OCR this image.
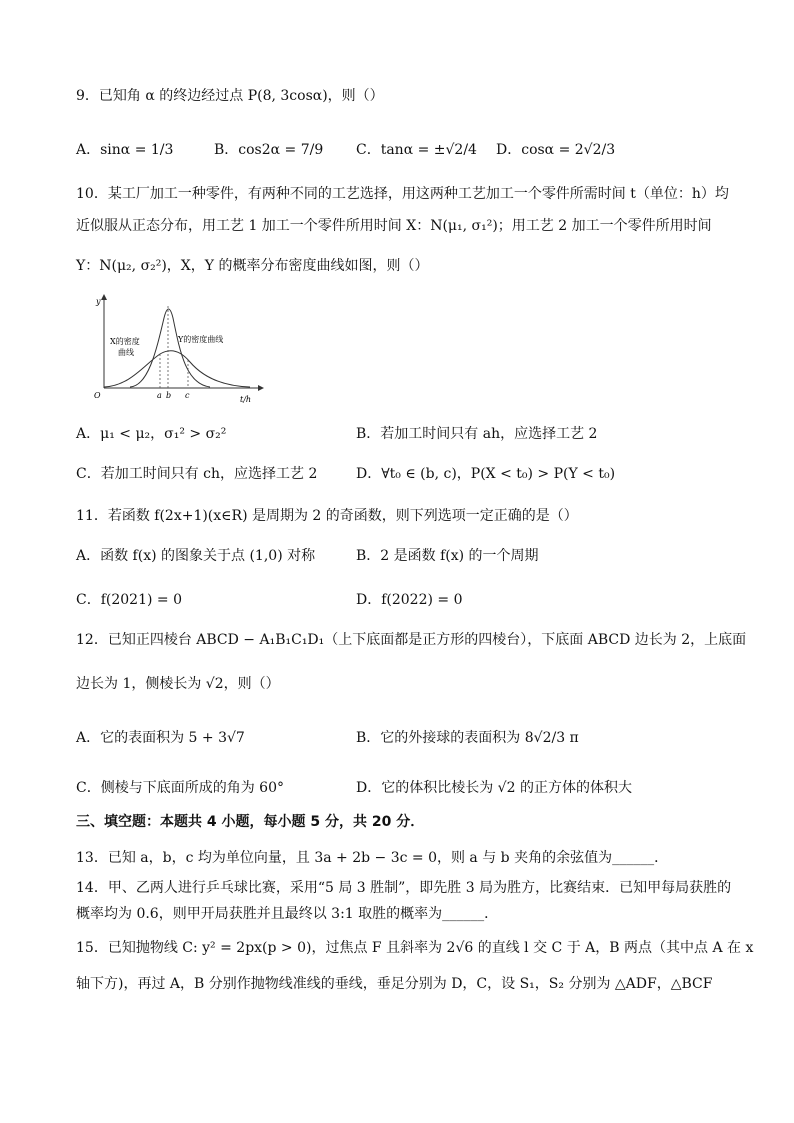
9．已知角 α 的终边经过点 P(8, 3cosα)，则（）
A．sinα = 1/3	B．cos2α = 7/9 C．tanα = ±√2/4 D．cosα = 2√2/3
10．某工厂加工一种零件，有两种不同的工艺选择，用这两种工艺加工一个零件所需时间 t（单位：h）均
近似服从正态分布，用工艺 1 加工一个零件所用时间 X：N(μ₁, σ₁²)；用工艺 2 加工一个零件所用时间
Y：N(μ₂, σ₂²)，X，Y 的概率分布密度曲线如图，则（）
y
t/h
O
X的密度
曲线
Y的密度曲线
a b c
A．μ₁ < μ₂，σ₁² > σ₂²	B．若加工时间只有 ah，应选择工艺 2
C．若加工时间只有 ch，应选择工艺 2	D．∀t₀ ∈ (b, c)，P(X < t₀) > P(Y < t₀)
11．若函数 f(2x+1)(x∈R) 是周期为 2 的奇函数，则下列选项一定正确的是（）
A．函数 f(x) 的图象关于点 (1,0) 对称	B．2 是函数 f(x) 的一个周期
C．f(2021) = 0	D．f(2022) = 0
12．已知正四棱台 ABCD − A₁B₁C₁D₁（上下底面都是正方形的四棱台），下底面 ABCD 边长为 2，上底面
边长为 1，侧棱长为 √2，则（）
A．它的表面积为 5 + 3√7	B．它的外接球的表面积为 8√2/3 π
C．侧棱与下底面所成的角为 60°	D．它的体积比棱长为 √2 的正方体的体积大
三、填空题：本题共 4 小题，每小题 5 分，共 20 分．
13．已知 a，b，c 均为单位向量，且 3a + 2b − 3c = 0，则 a 与 b 夹角的余弦值为______．
14．甲、乙两人进行乒乓球比赛，采用“5 局 3 胜制”，即先胜 3 局为胜方，比赛结束．已知甲每局获胜的
概率均为 0.6，则甲开局获胜并且最终以 3:1 取胜的概率为______．
15．已知抛物线 C: y² = 2px(p > 0)，过焦点 F 且斜率为 2√6 的直线 l 交 C 于 A，B 两点（其中点 A 在 x
轴下方)，再过 A，B 分别作抛物线准线的垂线，垂足分别为 D，C，设 S₁，S₂ 分别为 △ADF，△BCF
